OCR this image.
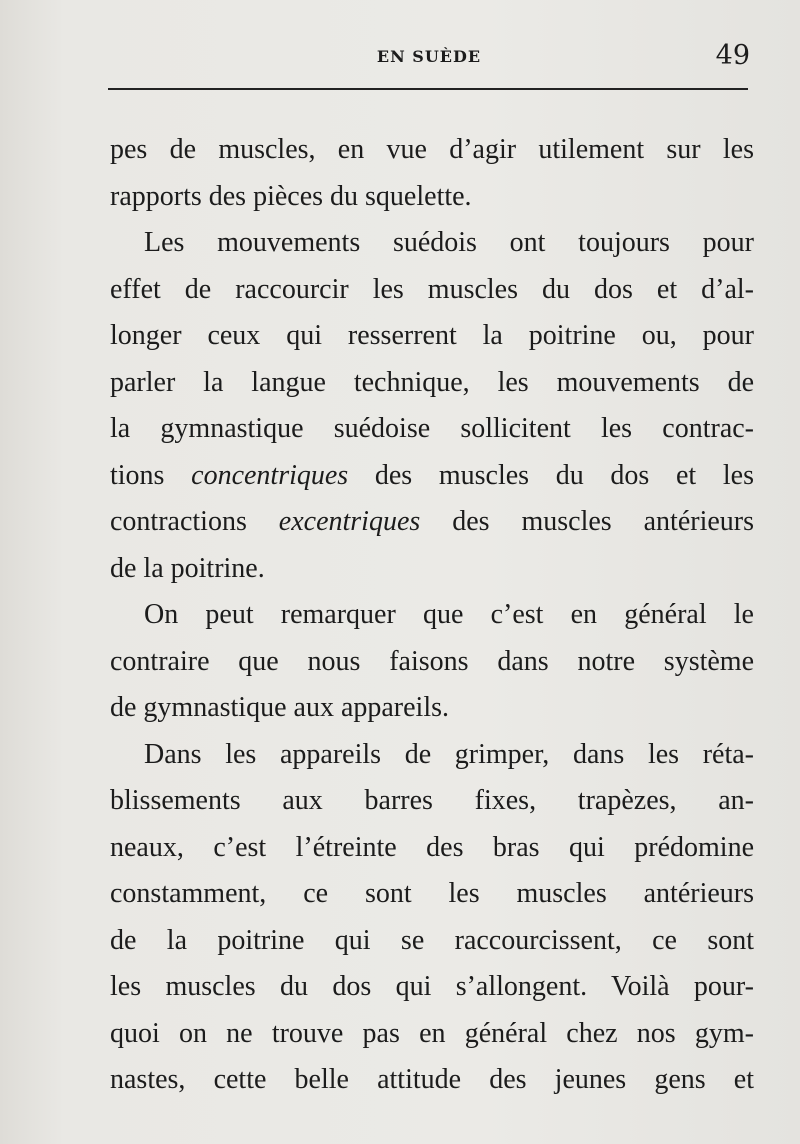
EN SUÈDE	49
pes de muscles, en vue d’agir utilement sur les
rapports des pièces du squelette.
Les mouvements suédois ont toujours pour
effet de raccourcir les muscles du dos et d’al-
longer ceux qui resserrent la poitrine ou, pour
parler la langue technique, les mouvements de
la gymnastique suédoise sollicitent les contrac-
tions concentriques des muscles du dos et les
contractions excentriques des muscles antérieurs
de la poitrine.
On peut remarquer que c’est en général le
contraire que nous faisons dans notre système
de gymnastique aux appareils.
Dans les appareils de grimper, dans les réta-
blissements aux barres fixes, trapèzes, an-
neaux, c’est l’étreinte des bras qui prédomine
constamment, ce sont les muscles antérieurs
de la poitrine qui se raccourcissent, ce sont
les muscles du dos qui s’allongent. Voilà pour-
quoi on ne trouve pas en général chez nos gym-
nastes, cette belle attitude des jeunes gens et
